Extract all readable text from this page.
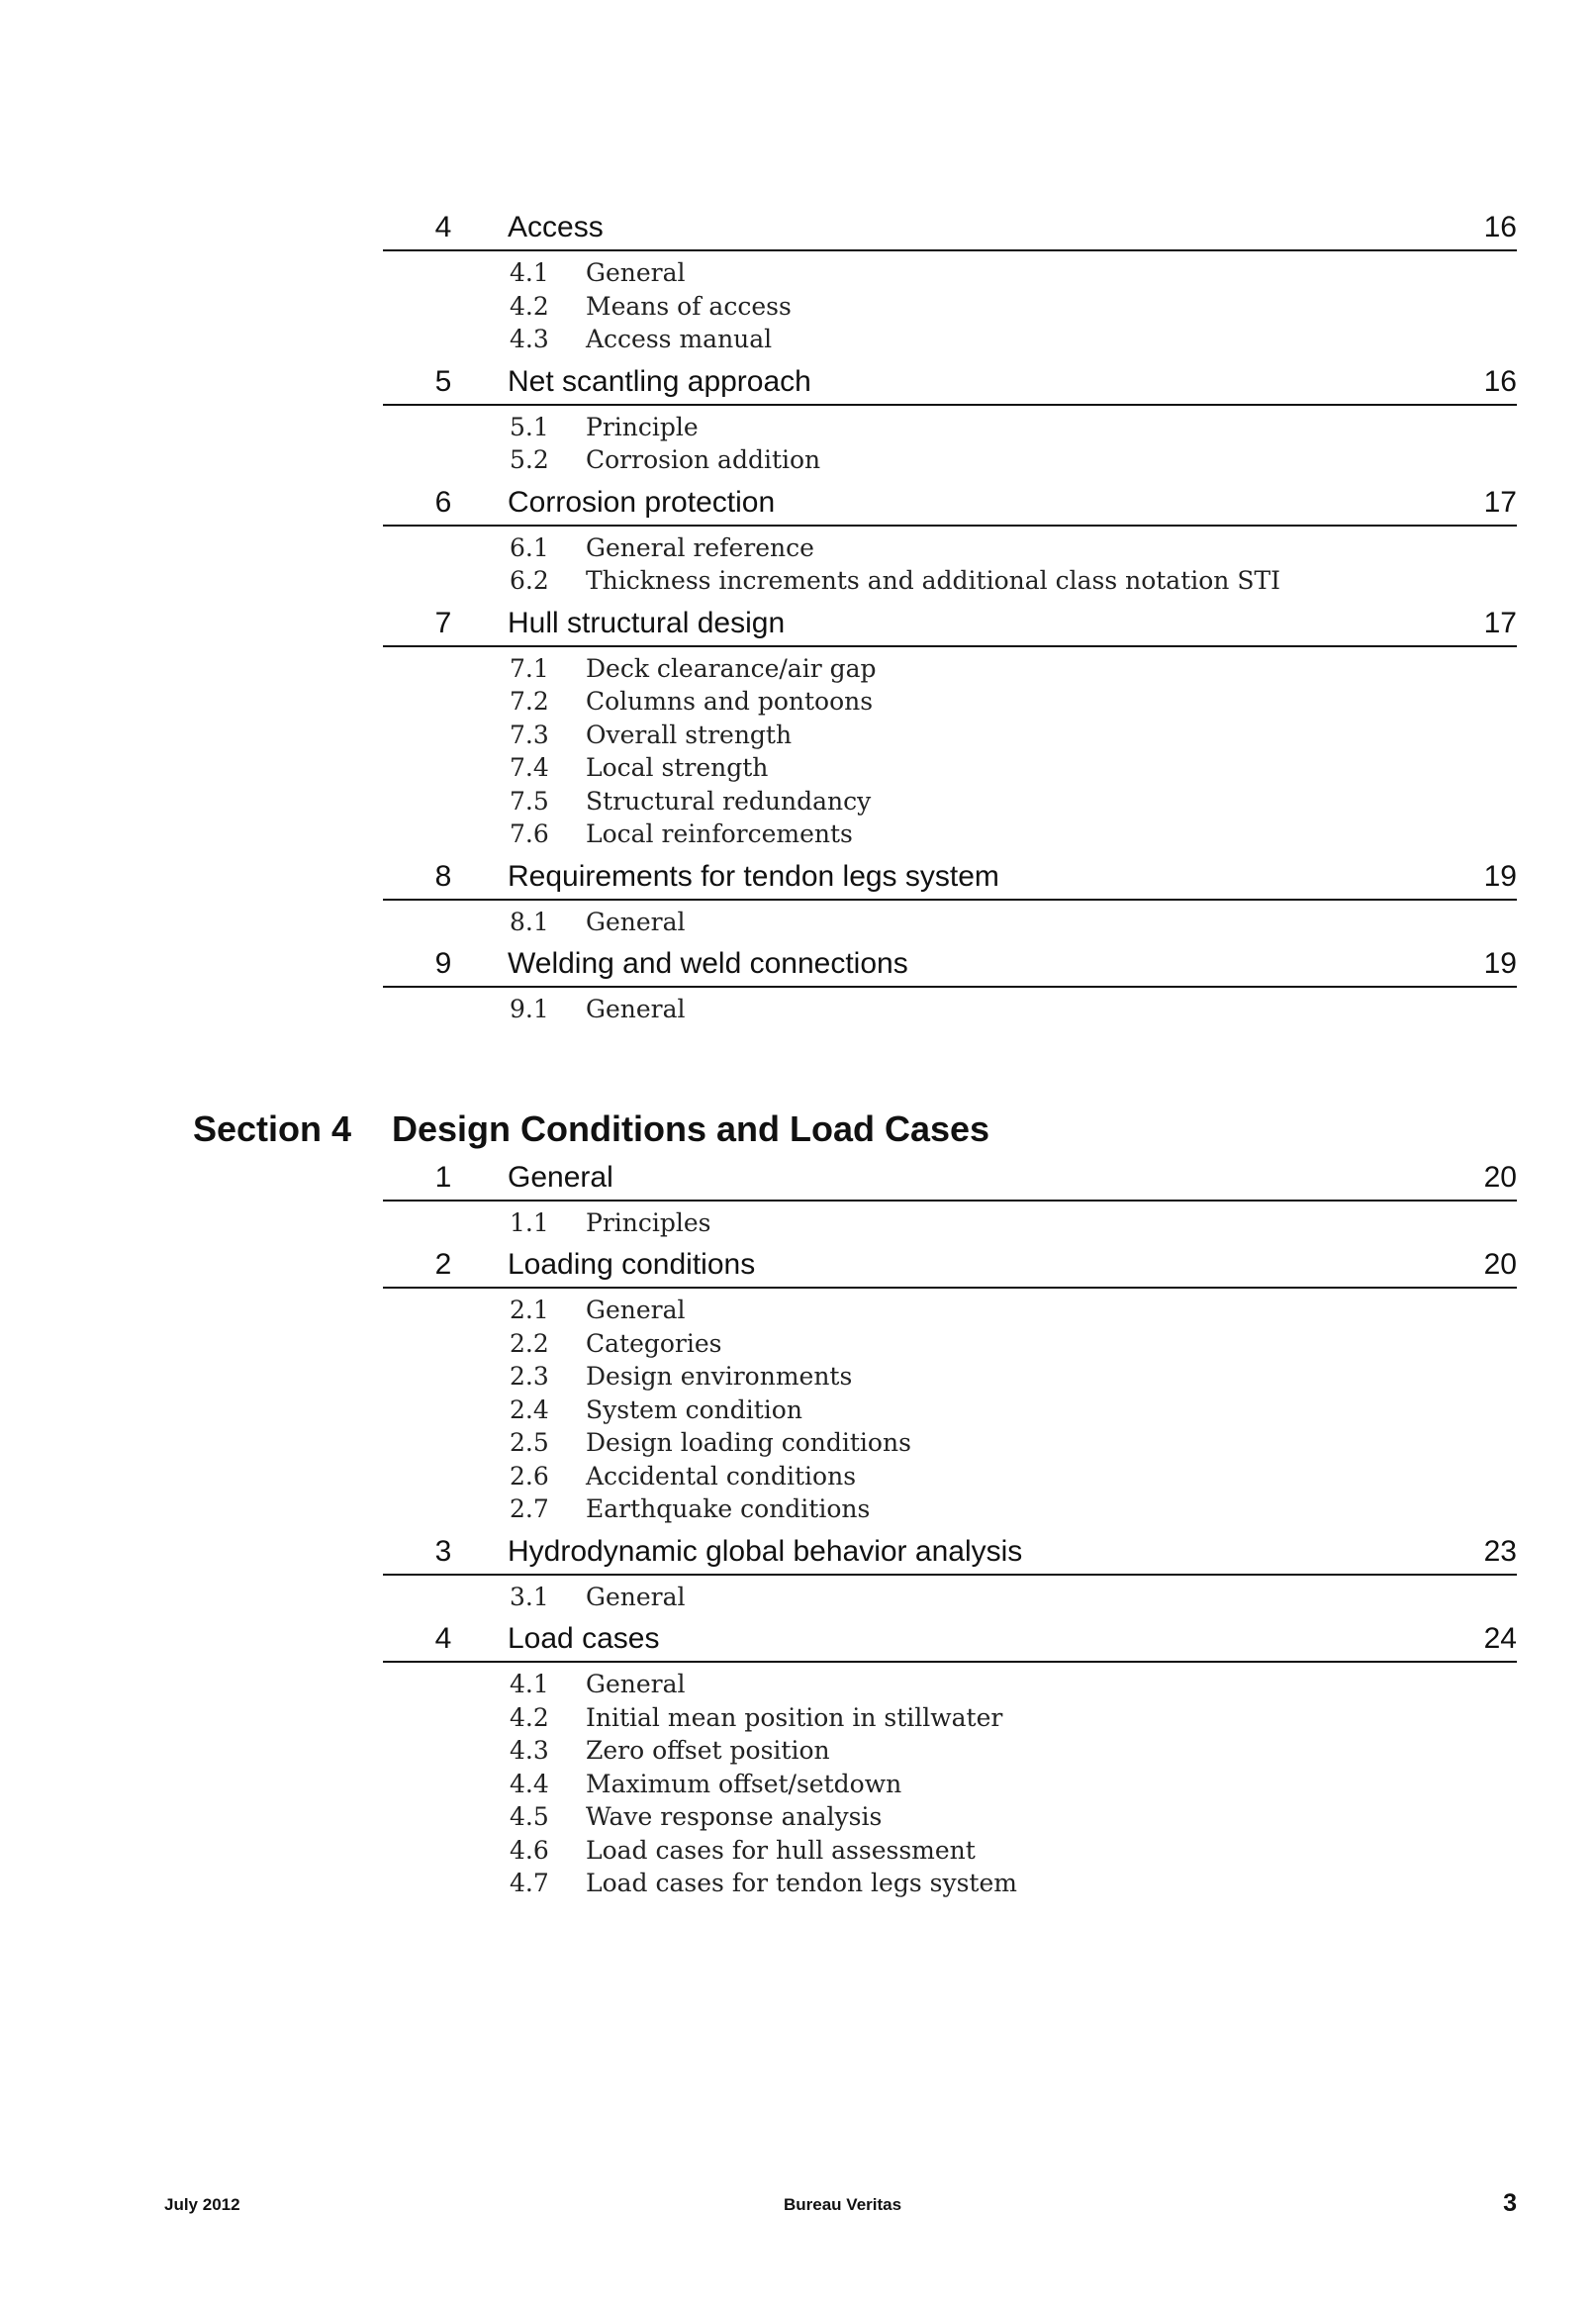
4	Access	16
4.1	General
4.2	Means of access
4.3	Access manual
5	Net scantling approach	16
5.1	Principle
5.2	Corrosion addition
6	Corrosion protection	17
6.1	General reference
6.2	Thickness increments and additional class notation STI
7	Hull structural design	17
7.1	Deck clearance/air gap
7.2	Columns and pontoons
7.3	Overall strength
7.4	Local strength
7.5	Structural redundancy
7.6	Local reinforcements
8	Requirements for tendon legs system	19
8.1	General
9	Welding and weld connections	19
9.1	General
Section 4 Design Conditions and Load Cases
1	General	20
1.1	Principles
2	Loading conditions	20
2.1	General
2.2	Categories
2.3	Design environments
2.4	System condition
2.5	Design loading conditions
2.6	Accidental conditions
2.7	Earthquake conditions
3	Hydrodynamic global behavior analysis	23
3.1	General
4	Load cases	24
4.1	General
4.2	Initial mean position in stillwater
4.3	Zero offset position
4.4	Maximum offset/setdown
4.5	Wave response analysis
4.6	Load cases for hull assessment
4.7	Load cases for tendon legs system
July 2012	Bureau Veritas	3
